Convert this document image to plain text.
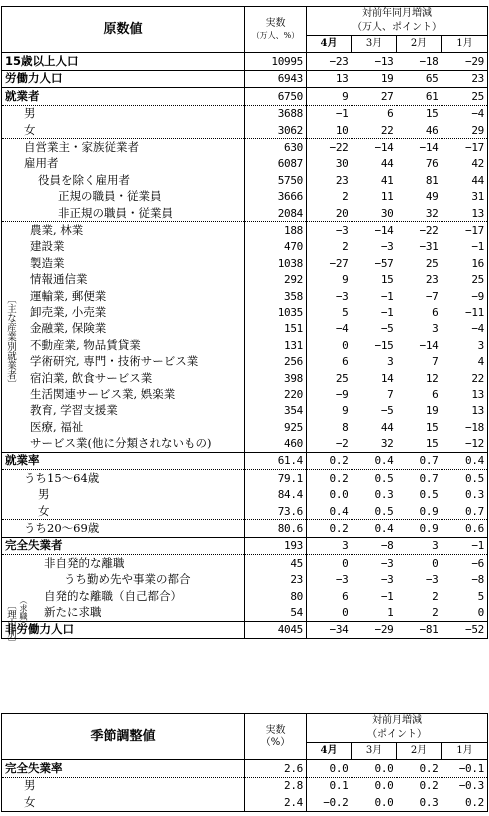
原数値	実数
（万人、%）	対前年同月増減			
		（万人、ポイント）			
		4月	3月	2月	1月
15歳以上人口	10995	−23	−13	−18	−29
労働力人口	6943	13	19	65	23
就業者	6750	9	27	61	25
男	3688	−1	6	15	−4
女	3062	10	22	46	29
自営業主・家族従業者	630	−22	−14	−14	−17
雇用者	6087	30	44	76	42
役員を除く雇用者	5750	23	41	81	44
正規の職員・従業員	3666	2	11	49	31
非正規の職員・従業員	2084	20	30	32	13
農業, 林業	188	−3	−14	−22	−17
建設業	470	2	−3	−31	−1
製造業	1038	−27	−57	25	16
情報通信業	292	9	15	23	25
運輸業, 郵便業	358	−3	−1	−7	−9
卸売業, 小売業	1035	5	−1	6	−11
金融業, 保険業	151	−4	−5	3	−4
不動産業, 物品賃貸業	131	0	−15	−14	3
学術研究, 専門・技術サービス業	256	6	3	7	4
宿泊業, 飲食サービス業	398	25	14	12	22
生活関連サービス業, 娯楽業	220	−9	7	6	13
教育, 学習支援業	354	9	−5	19	13
医療, 福祉	925	8	44	15	−18
サービス業(他に分類されないもの)	460	−2	32	15	−12
就業率	61.4	0.2	0.4	0.7	0.4
うち15～64歳	79.1	0.2	0.5	0.7	0.5
男	84.4	0.0	0.3	0.5	0.3
女	73.6	0.4	0.5	0.9	0.7
うち20～69歳	80.6	0.2	0.4	0.9	0.6
完全失業者	193	3	−8	3	−1
非自発的な離職	45	0	−3	0	−6
うち勤め先や事業の都合	23	−3	−3	−3	−8
自発的な離職（自己都合）	80	6	−1	2	5
新たに求職	54	0	1	2	0
非労働力人口	4045	−34	−29	−81	−52
季節調整値	実数
（%）	対前月増減			
		（ポイント）			
		4月	3月	2月	1月
完全失業率	2.6	0.0	0.0	0.2	−0.1
男	2.8	0.1	0.0	0.2	−0.3
女	2.4	−0.2	0.0	0.3	0.2
〔主な産業別就業者〕
〔理由別〕 （求職）
